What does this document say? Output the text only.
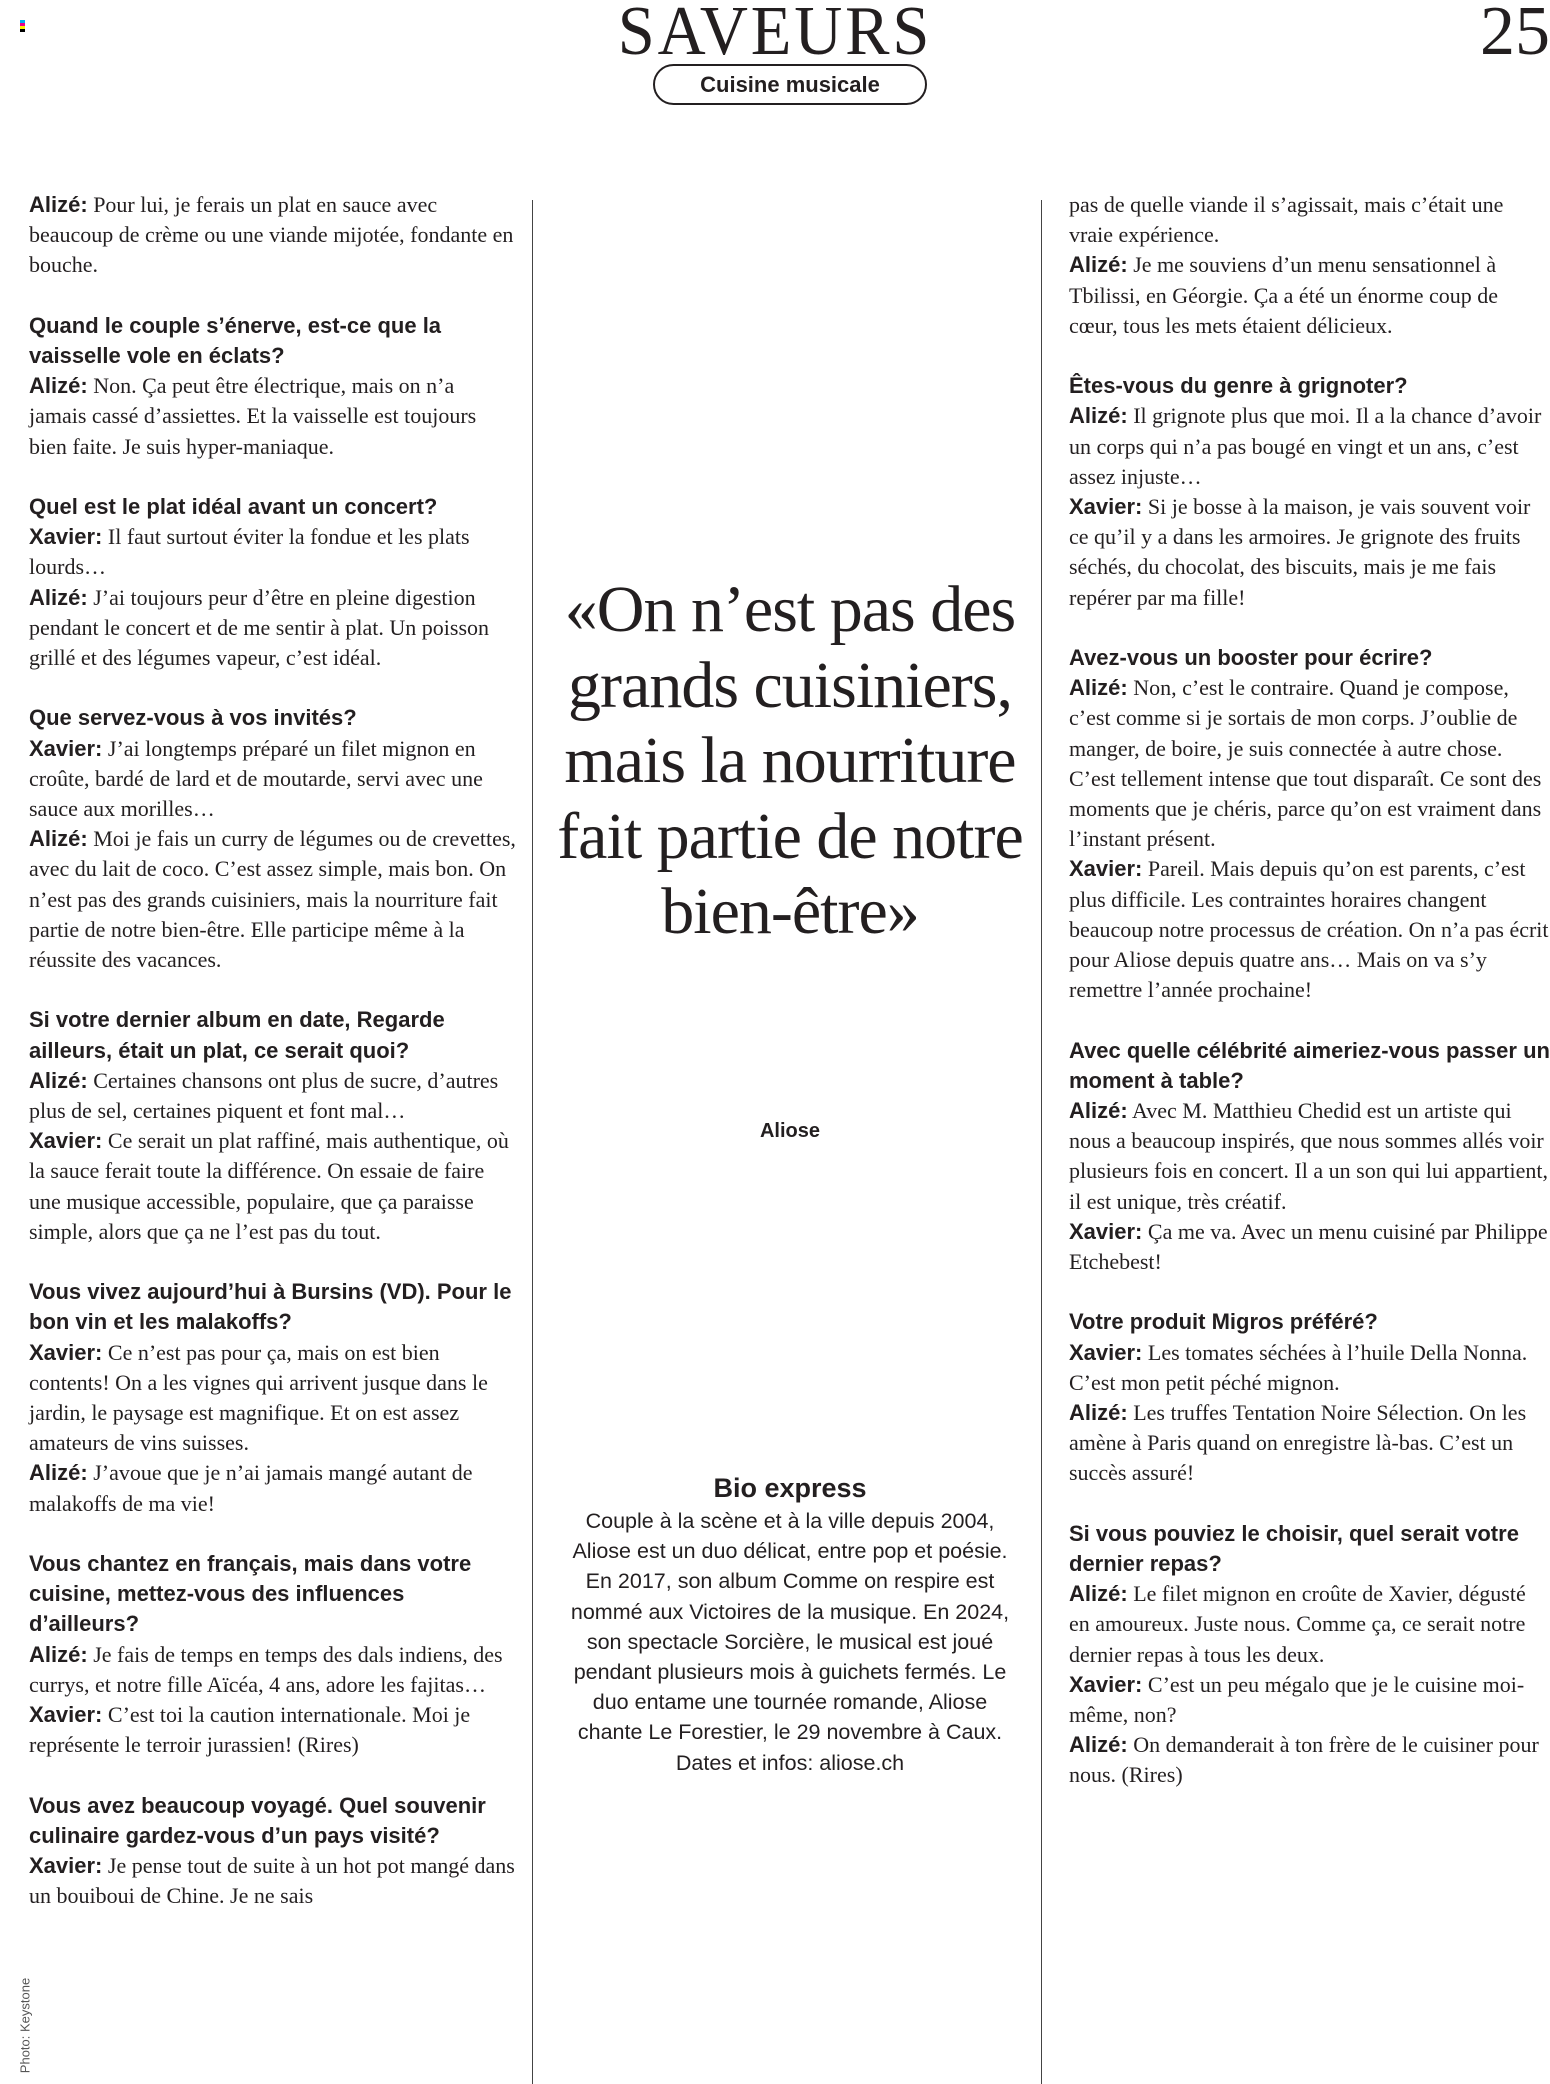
SAVEURS	25
Cuisine musicale
Alizé: Pour lui, je ferais un plat en sauce avec beaucoup de crème ou une viande mijotée, fondante en bouche.
Quand le couple s’énerve, est-ce que la vaisselle vole en éclats?
Alizé: Non. Ça peut être électrique, mais on n’a jamais cassé d’assiettes. Et la vaisselle est toujours bien faite. Je suis hyper-maniaque.
Quel est le plat idéal avant un concert?
Xavier: Il faut surtout éviter la fondue et les plats lourds…
Alizé: J’ai toujours peur d’être en pleine digestion pendant le concert et de me sentir à plat. Un poisson grillé et des légumes vapeur, c’est idéal.
Que servez-vous à vos invités?
Xavier: J’ai longtemps préparé un filet mignon en croûte, bardé de lard et de moutarde, servi avec une sauce aux morilles…
Alizé: Moi je fais un curry de légumes ou de crevettes, avec du lait de coco. C’est assez simple, mais bon. On n’est pas des grands cuisiniers, mais la nourriture fait partie de notre bien-être. Elle participe même à la réussite des vacances.
Si votre dernier album en date, Regarde ailleurs, était un plat, ce serait quoi?
Alizé: Certaines chansons ont plus de sucre, d’autres plus de sel, certaines piquent et font mal…
Xavier: Ce serait un plat raffiné, mais authentique, où la sauce ferait toute la différence. On essaie de faire une musique accessible, populaire, que ça paraisse simple, alors que ça ne l’est pas du tout.
Vous vivez aujourd’hui à Bursins (VD). Pour le bon vin et les malakoffs?
Xavier: Ce n’est pas pour ça, mais on est bien contents! On a les vignes qui arrivent jusque dans le jardin, le paysage est magnifique. Et on est assez amateurs de vins suisses.
Alizé: J’avoue que je n’ai jamais mangé autant de malakoffs de ma vie!
Vous chantez en français, mais dans votre cuisine, mettez-vous des influences d’ailleurs?
Alizé: Je fais de temps en temps des dals indiens, des currys, et notre fille Aïcéa, 4 ans, adore les fajitas…
Xavier: C’est toi la caution internationale. Moi je représente le terroir jurassien! (Rires)
Vous avez beaucoup voyagé. Quel souvenir culinaire gardez-vous d’un pays visité?
Xavier: Je pense tout de suite à un hot pot mangé dans un bouiboui de Chine. Je ne sais
«On n’est pas des grands cuisiniers, mais la nourriture fait partie de notre bien-être»
Aliose
Bio express

Couple à la scène et à la ville depuis 2004, Aliose est un duo délicat, entre pop et poésie. En 2017, son album Comme on respire est nommé aux Victoires de la musique. En 2024, son spectacle Sorcière, le musical est joué pendant plusieurs mois à guichets fermés. Le duo entame une tournée romande, Aliose chante Le Forestier, le 29 novembre à Caux. Dates et infos: aliose.ch

pas de quelle viande il s’agissait, mais c’était une vraie expérience.
Alizé: Je me souviens d’un menu sensationnel à Tbilissi, en Géorgie. Ça a été un énorme coup de cœur, tous les mets étaient délicieux.
Êtes-vous du genre à grignoter?
Alizé: Il grignote plus que moi. Il a la chance d’avoir un corps qui n’a pas bougé en vingt et un ans, c’est assez injuste…
Xavier: Si je bosse à la maison, je vais souvent voir ce qu’il y a dans les armoires. Je grignote des fruits séchés, du chocolat, des biscuits, mais je me fais repérer par ma fille!
Avez-vous un booster pour écrire?
Alizé: Non, c’est le contraire. Quand je compose, c’est comme si je sortais de mon corps. J’oublie de manger, de boire, je suis connectée à autre chose. C’est tellement intense que tout disparaît. Ce sont des moments que je chéris, parce qu’on est vraiment dans l’instant présent.
Xavier: Pareil. Mais depuis qu’on est parents, c’est plus difficile. Les contraintes horaires changent beaucoup notre processus de création. On n’a pas écrit pour Aliose depuis quatre ans… Mais on va s’y remettre l’année prochaine!
Avec quelle célébrité aimeriez-vous passer un moment à table?
Alizé: Avec M. Matthieu Chedid est un artiste qui nous a beaucoup inspirés, que nous sommes allés voir plusieurs fois en concert. Il a un son qui lui appartient, il est unique, très créatif.
Xavier: Ça me va. Avec un menu cuisiné par Philippe Etchebest!
Votre produit Migros préféré?
Xavier: Les tomates séchées à l’huile Della Nonna. C’est mon petit péché mignon.
Alizé: Les truffes Tentation Noire Sélection. On les amène à Paris quand on enregistre là-bas. C’est un succès assuré!
Si vous pouviez le choisir, quel serait votre dernier repas?
Alizé: Le filet mignon en croûte de Xavier, dégusté en amoureux. Juste nous. Comme ça, ce serait notre dernier repas à tous les deux.
Xavier: C’est un peu mégalo que je le cuisine moi-même, non?
Alizé: On demanderait à ton frère de le cuisiner pour nous. (Rires)
Photo: Keystone
